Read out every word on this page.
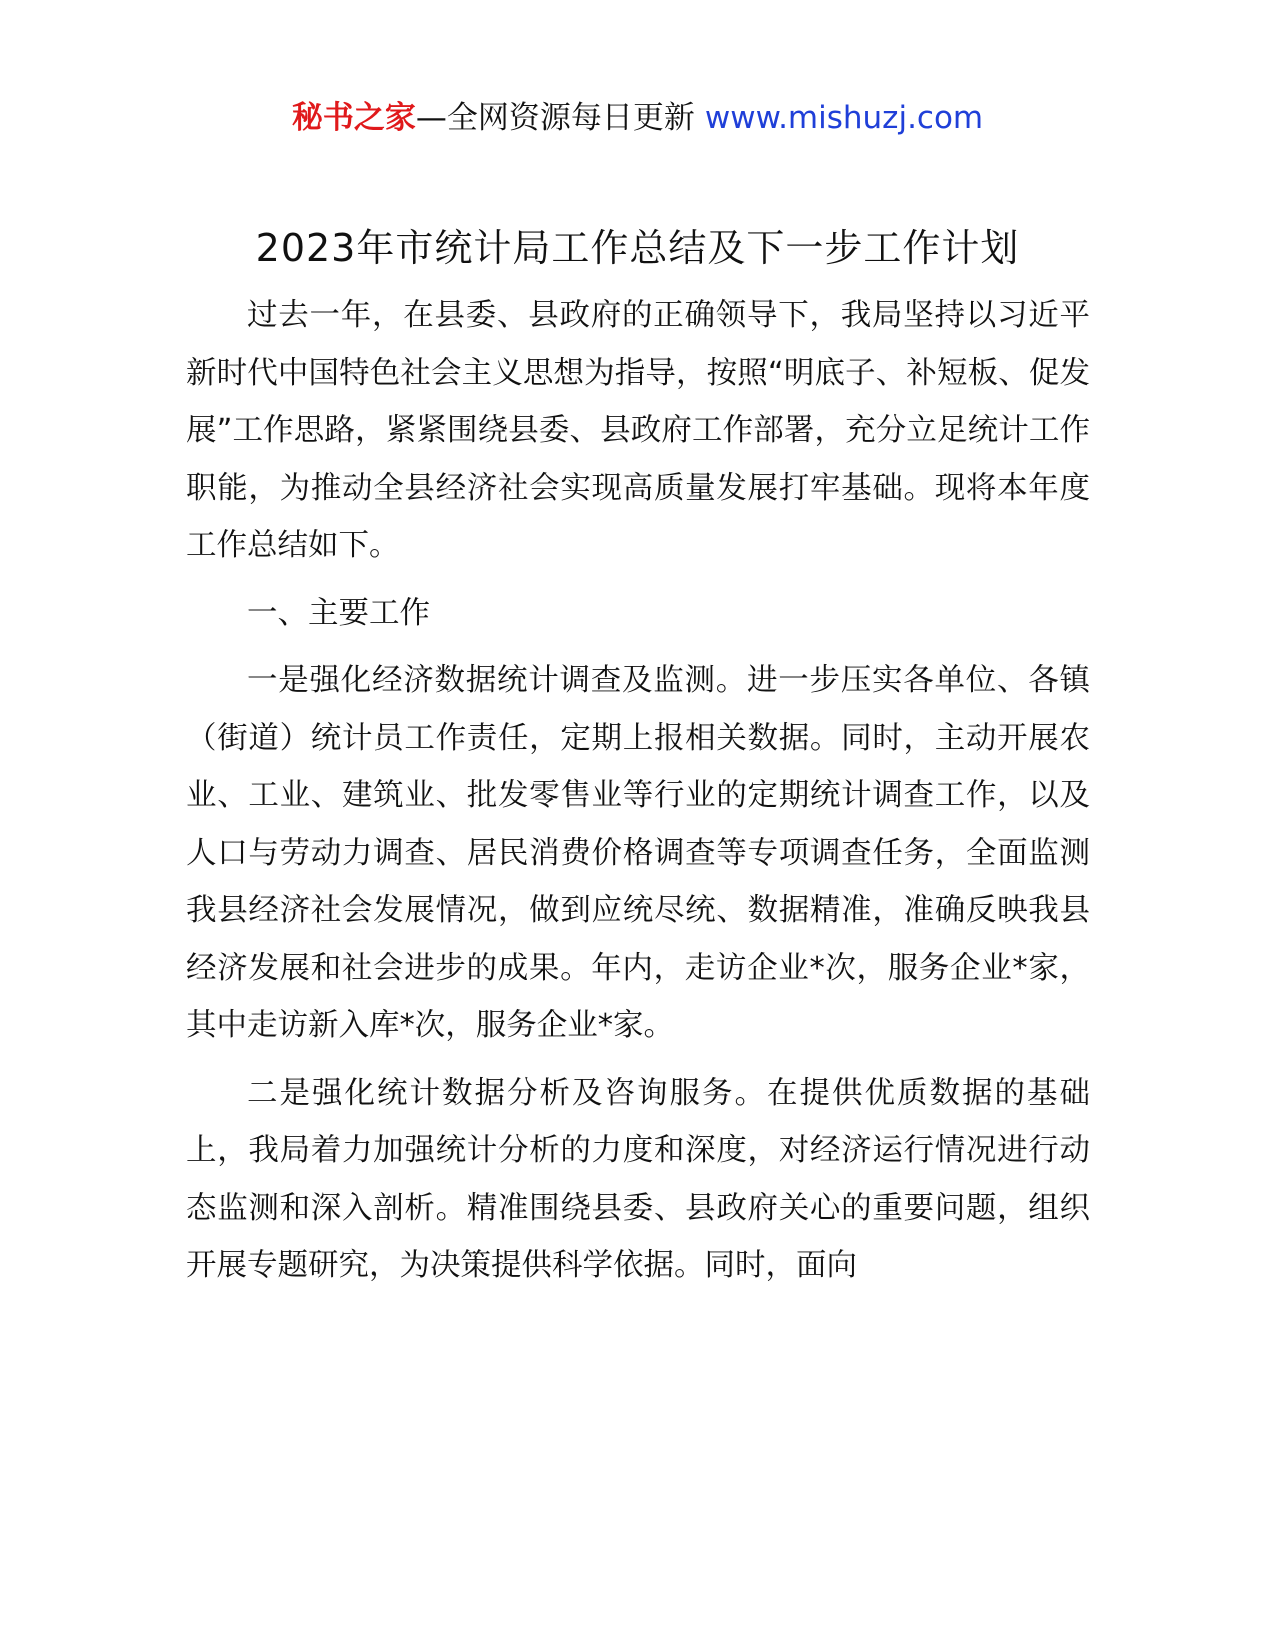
秘书之家—全网资源每日更新 www.mishuzj.com
2023年市统计局工作总结及下一步工作计划

过去一年，在县委、县政府的正确领导下，我局坚持以习近平新时代中国特色社会主义思想为指导，按照“明底子、补短板、促发展”工作思路，紧紧围绕县委、县政府工作部署，充分立足统计工作职能，为推动全县经济社会实现高质量发展打牢基础。现将本年度工作总结如下。

一、主要工作

一是强化经济数据统计调查及监测。进一步压实各单位、各镇（街道）统计员工作责任，定期上报相关数据。同时，主动开展农业、工业、建筑业、批发零售业等行业的定期统计调查工作，以及人口与劳动力调查、居民消费价格调查等专项调查任务，全面监测我县经济社会发展情况，做到应统尽统、数据精准，准确反映我县经济发展和社会进步的成果。年内，走访企业*次，服务企业*家，其中走访新入库*次，服务企业*家。

二是强化统计数据分析及咨询服务。在提供优质数据的基础上，我局着力加强统计分析的力度和深度，对经济运行情况进行动态监测和深入剖析。精准围绕县委、县政府关心的重要问题，组织开展专题研究，为决策提供科学依据。同时，面向
